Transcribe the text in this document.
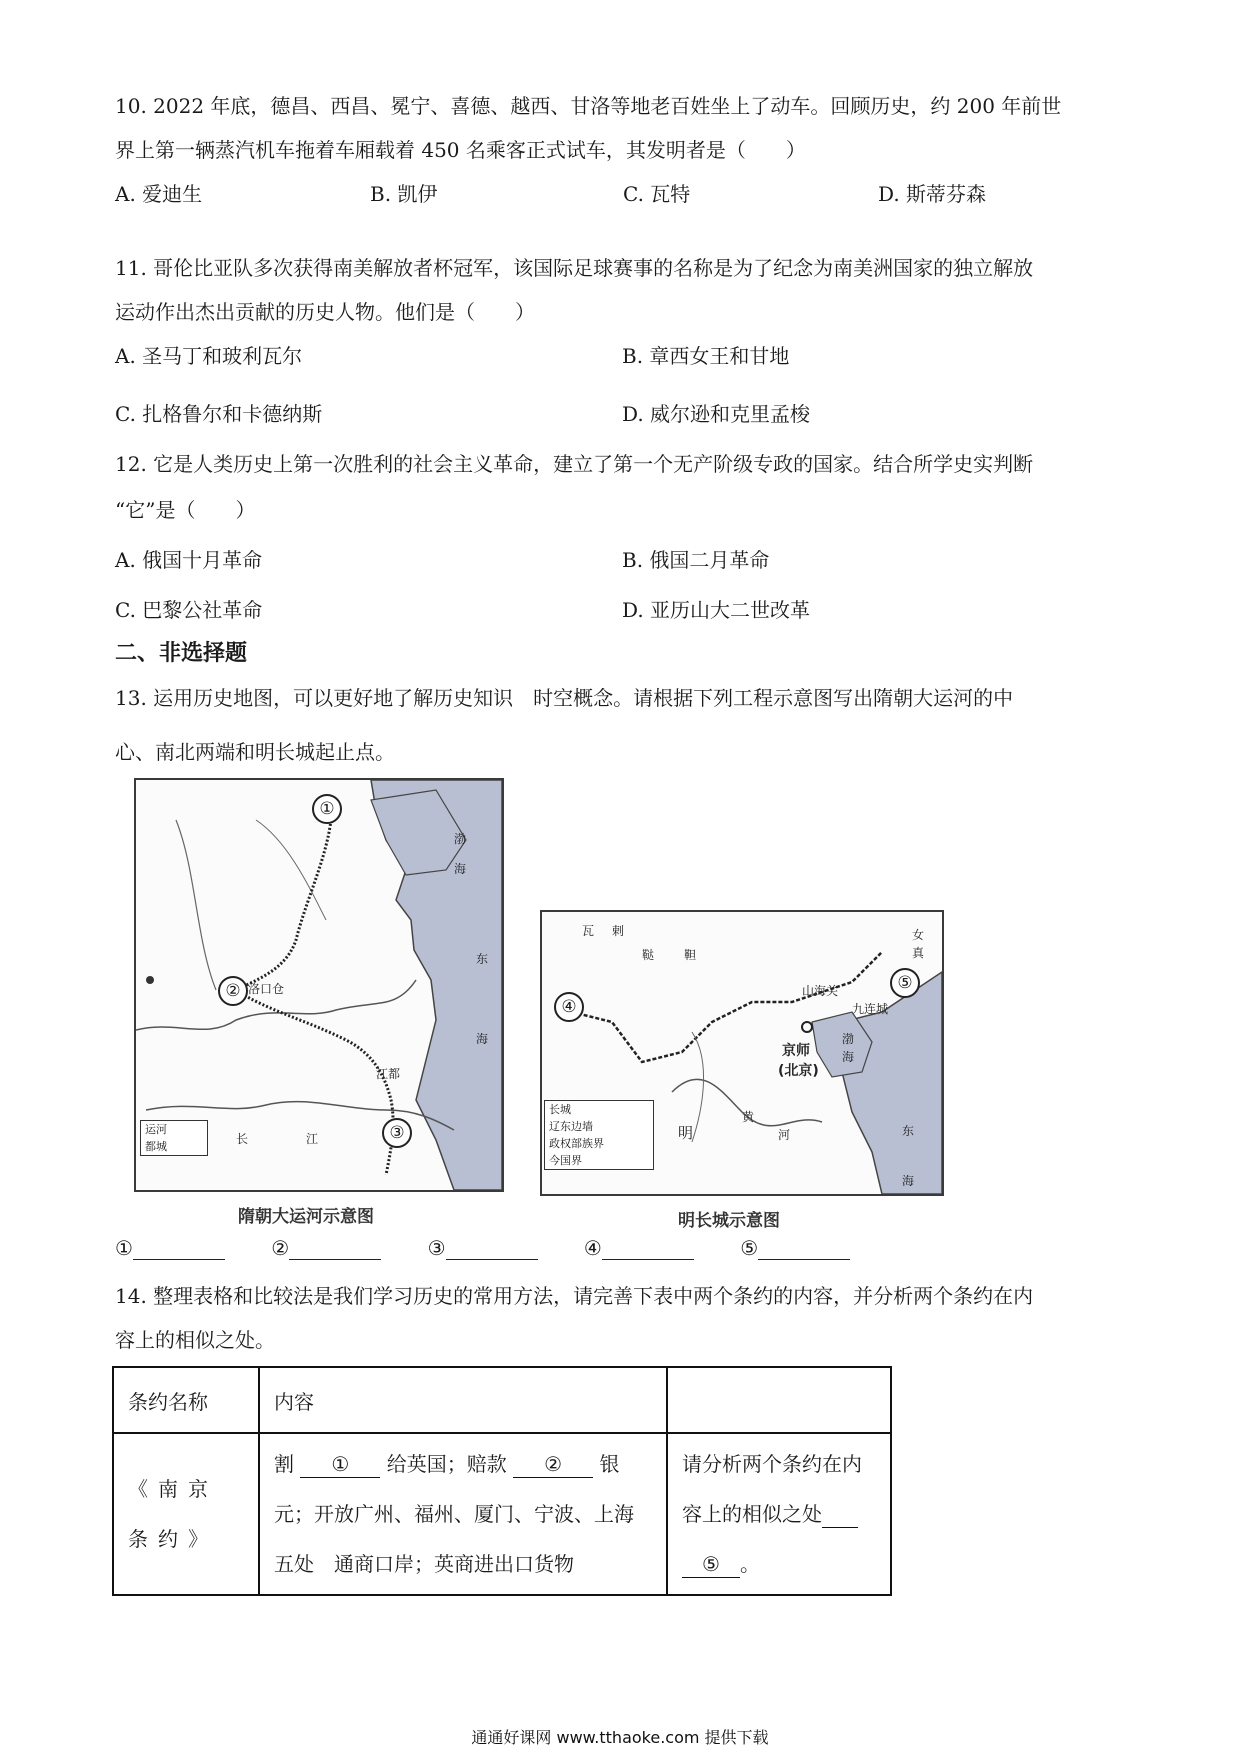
10. 2022 年底，德昌、西昌、冕宁、喜德、越西、甘洛等地老百姓坐上了动车。回顾历史，约 200 年前世
界上第一辆蒸汽机车拖着车厢载着 450 名乘客正式试车，其发明者是（　　）
A. 爱迪生	B. 凯伊	C. 瓦特	D. 斯蒂芬森
11. 哥伦比亚队多次获得南美解放者杯冠军，该国际足球赛事的名称是为了纪念为南美洲国家的独立解放
运动作出杰出贡献的历史人物。他们是（　　）
A. 圣马丁和玻利瓦尔	B. 章西女王和甘地
C. 扎格鲁尔和卡德纳斯	D. 威尔逊和克里孟梭
12. 它是人类历史上第一次胜利的社会主义革命，建立了第一个无产阶级专政的国家。结合所学史实判断
“它”是（　　）
A. 俄国十月革命	B. 俄国二月革命
C. 巴黎公社革命	D. 亚历山大二世改革
二、非选择题
13. 运用历史地图，可以更好地了解历史知识　时空概念。请根据下列工程示意图写出隋朝大运河的中
心、南北两端和明长城起止点。
①
②
③
渤
海
东
海
洛口仓
江都
长	江
运河
都城
隋朝大运河示意图
④
⑤
瓦 剌
鞑 靼
山海关
九连城
京师
(北京)
明
黄
河	东
海
女
真
渤
海
长城
辽东边墙
政权部族界
今国界
明长城示意图
①	②	③	④	⑤
14. 整理表格和比较法是我们学习历史的常用方法，请完善下表中两个条约的内容，并分析两个条约在内
容上的相似之处。
条约名称	内容	
《南京条约》	割 ① 给英国；赔款 ② 银元；开放广州、福州、厦门、宁波、上海五处　通商口岸；英商进出口货物	请分析两个条约在内容上的相似之处
⑤ 。
通通好课网 www.tthaoke.com 提供下载
